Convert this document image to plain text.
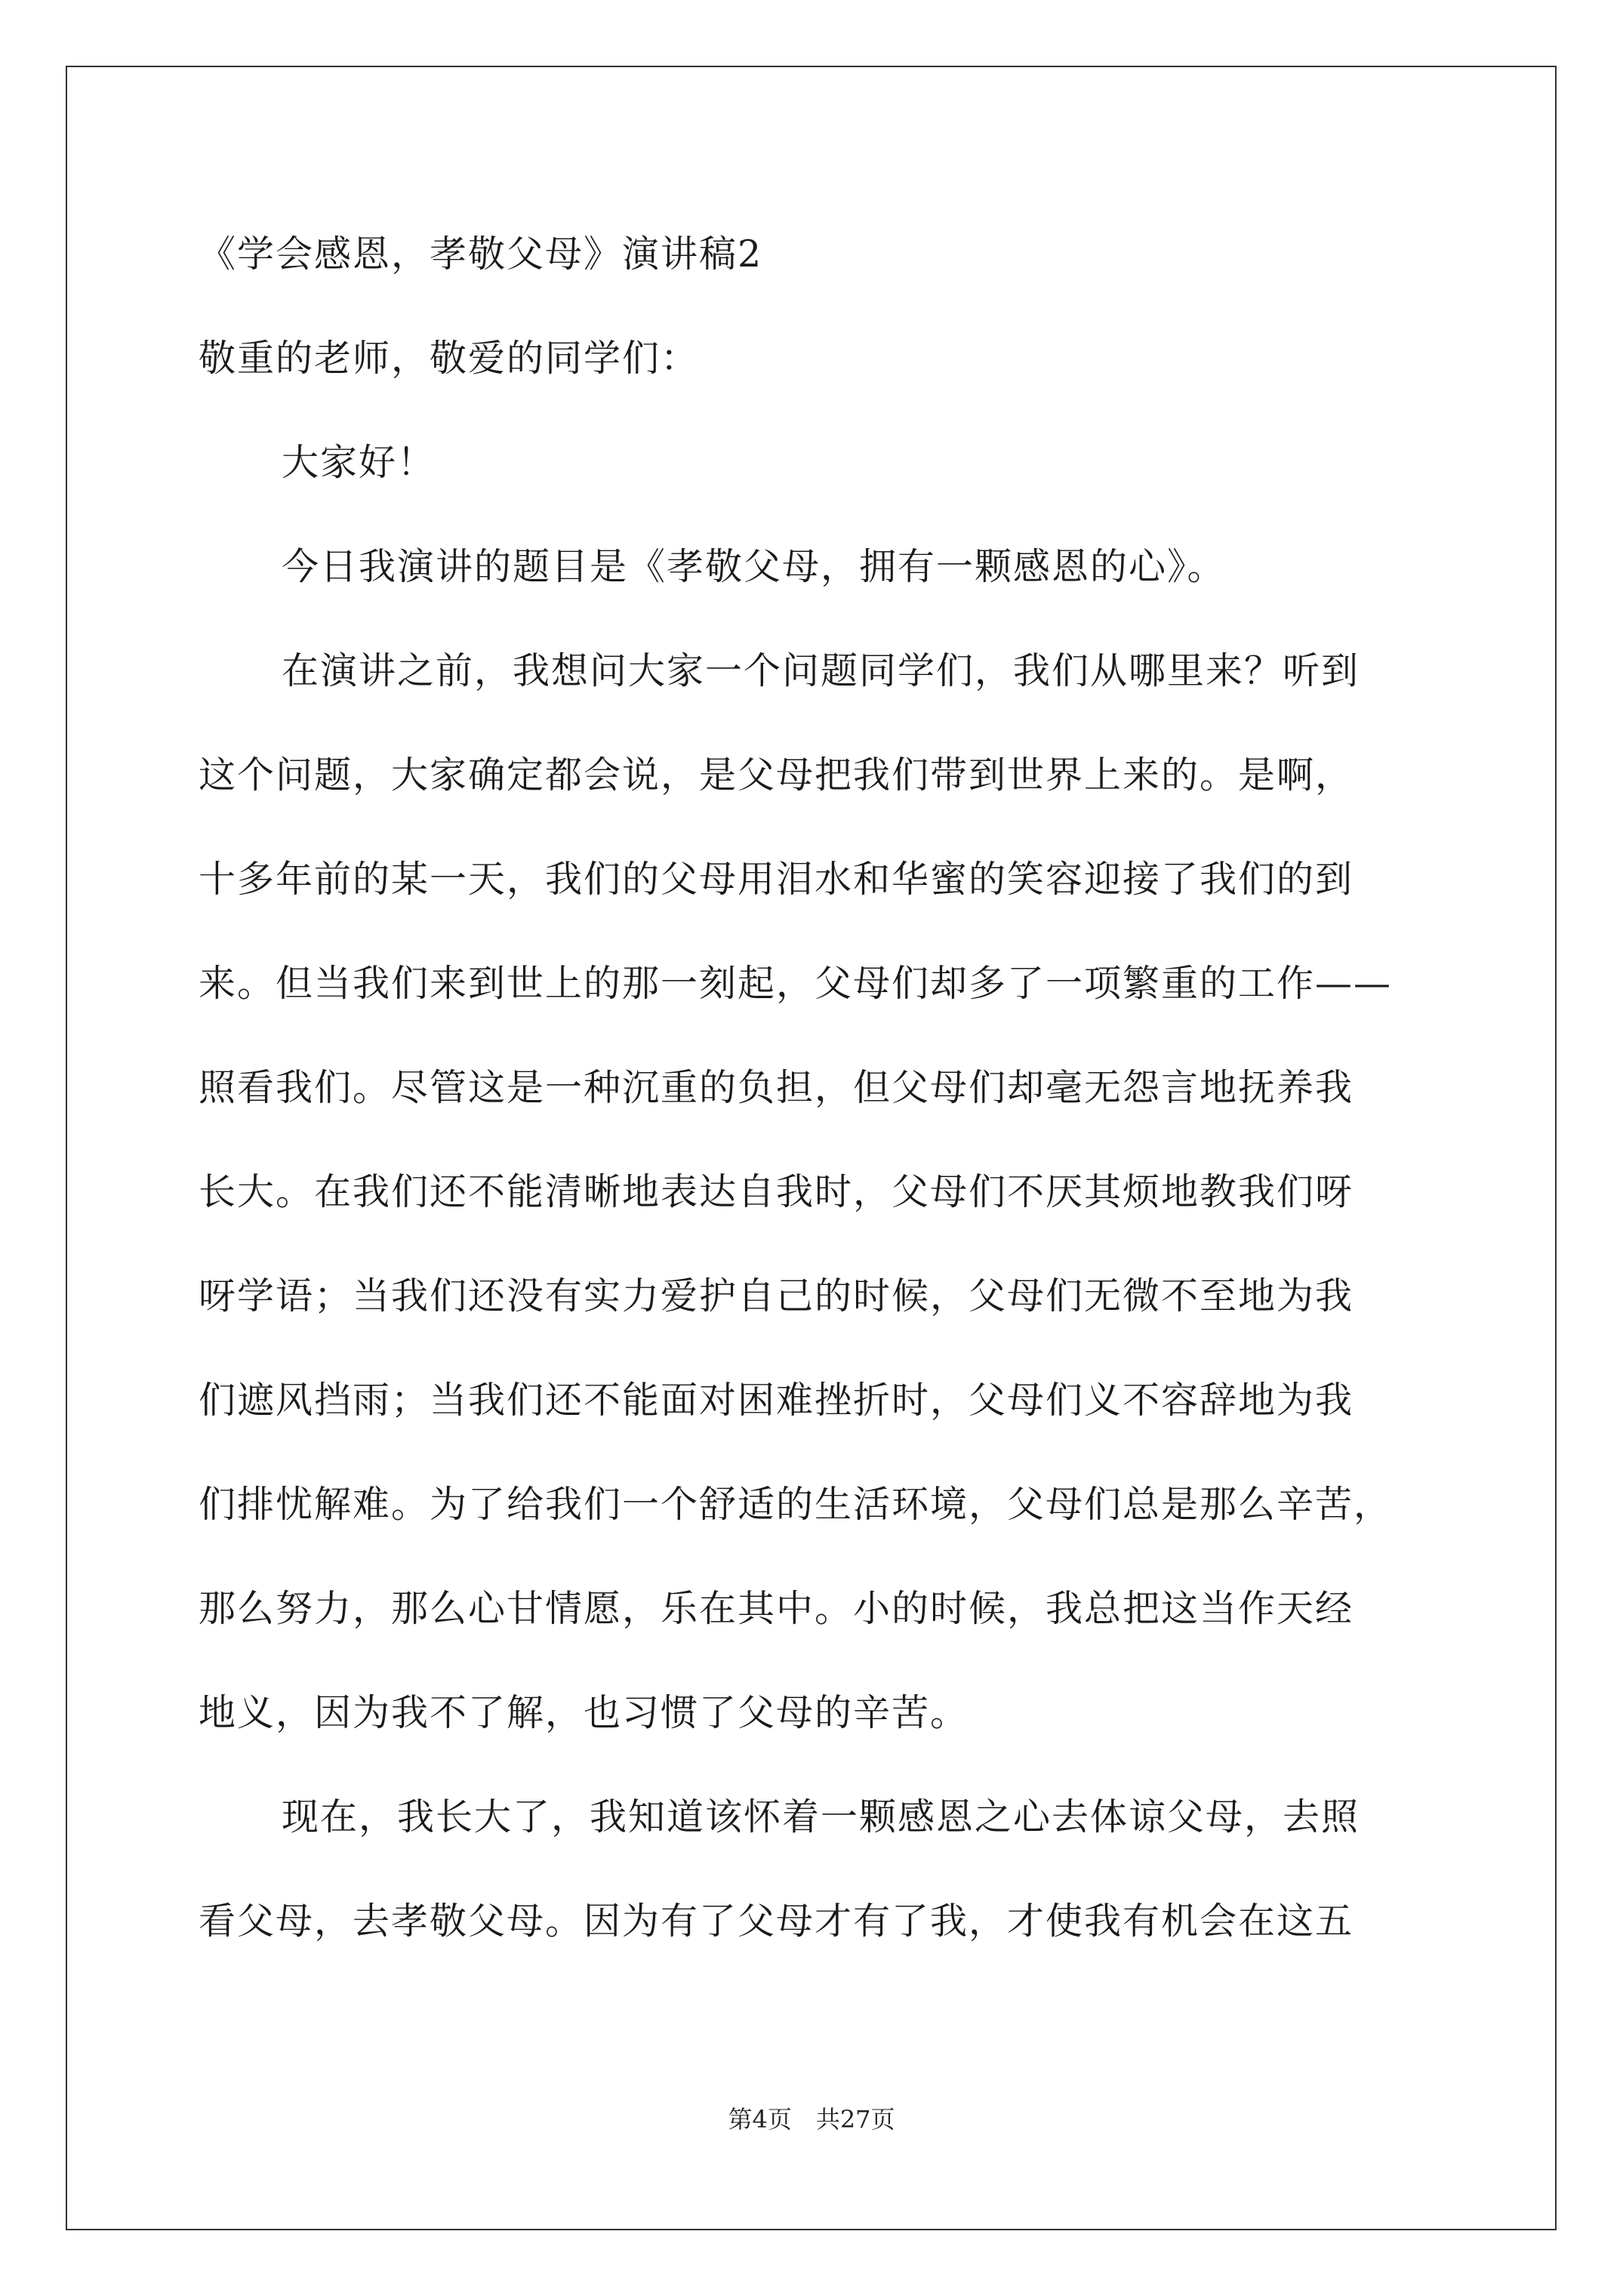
《学会感恩，孝敬父母》演讲稿2
敬重的老师，敬爱的同学们：
大家好！
今日我演讲的题目是《孝敬父母，拥有一颗感恩的心》。
在演讲之前，我想问大家一个问题同学们，我们从哪里来？听到
这个问题，大家确定都会说，是父母把我们带到世界上来的。是啊，
十多年前的某一天，我们的父母用泪水和华蜜的笑容迎接了我们的到
来。但当我们来到世上的那一刻起，父母们却多了一项繁重的工作——
照看我们。尽管这是一种沉重的负担，但父母们却毫无怨言地抚养我
长大。在我们还不能清晰地表达自我时，父母们不厌其烦地教我们呀
呀学语；当我们还没有实力爱护自己的时候，父母们无微不至地为我
们遮风挡雨；当我们还不能面对困难挫折时，父母们义不容辞地为我
们排忧解难。为了给我们一个舒适的生活环境，父母们总是那么辛苦，
那么努力，那么心甘情愿，乐在其中。小的时候，我总把这当作天经
地义，因为我不了解，也习惯了父母的辛苦。
现在，我长大了，我知道该怀着一颗感恩之心去体谅父母，去照
看父母，去孝敬父母。因为有了父母才有了我，才使我有机会在这五
第4页　共27页
